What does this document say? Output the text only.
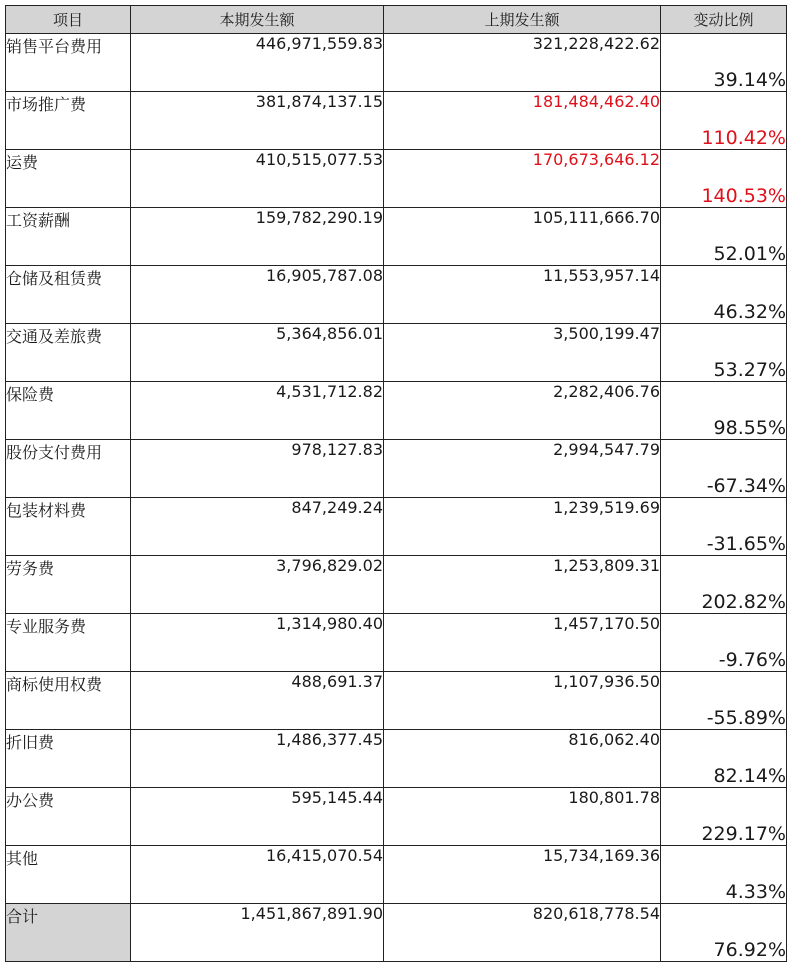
项目	本期发生额	上期发生额	变动比例
销售平台费用	446,971,559.83	321,228,422.62	39.14%
市场推广费	381,874,137.15	181,484,462.40	110.42%
运费	410,515,077.53	170,673,646.12	140.53%
工资薪酬	159,782,290.19	105,111,666.70	52.01%
仓储及租赁费	16,905,787.08	11,553,957.14	46.32%
交通及差旅费	5,364,856.01	3,500,199.47	53.27%
保险费	4,531,712.82	2,282,406.76	98.55%
股份支付费用	978,127.83	2,994,547.79	-67.34%
包装材料费	847,249.24	1,239,519.69	-31.65%
劳务费	3,796,829.02	1,253,809.31	202.82%
专业服务费	1,314,980.40	1,457,170.50	-9.76%
商标使用权费	488,691.37	1,107,936.50	-55.89%
折旧费	1,486,377.45	816,062.40	82.14%
办公费	595,145.44	180,801.78	229.17%
其他	16,415,070.54	15,734,169.36	4.33%
合计	1,451,867,891.90	820,618,778.54	76.92%
